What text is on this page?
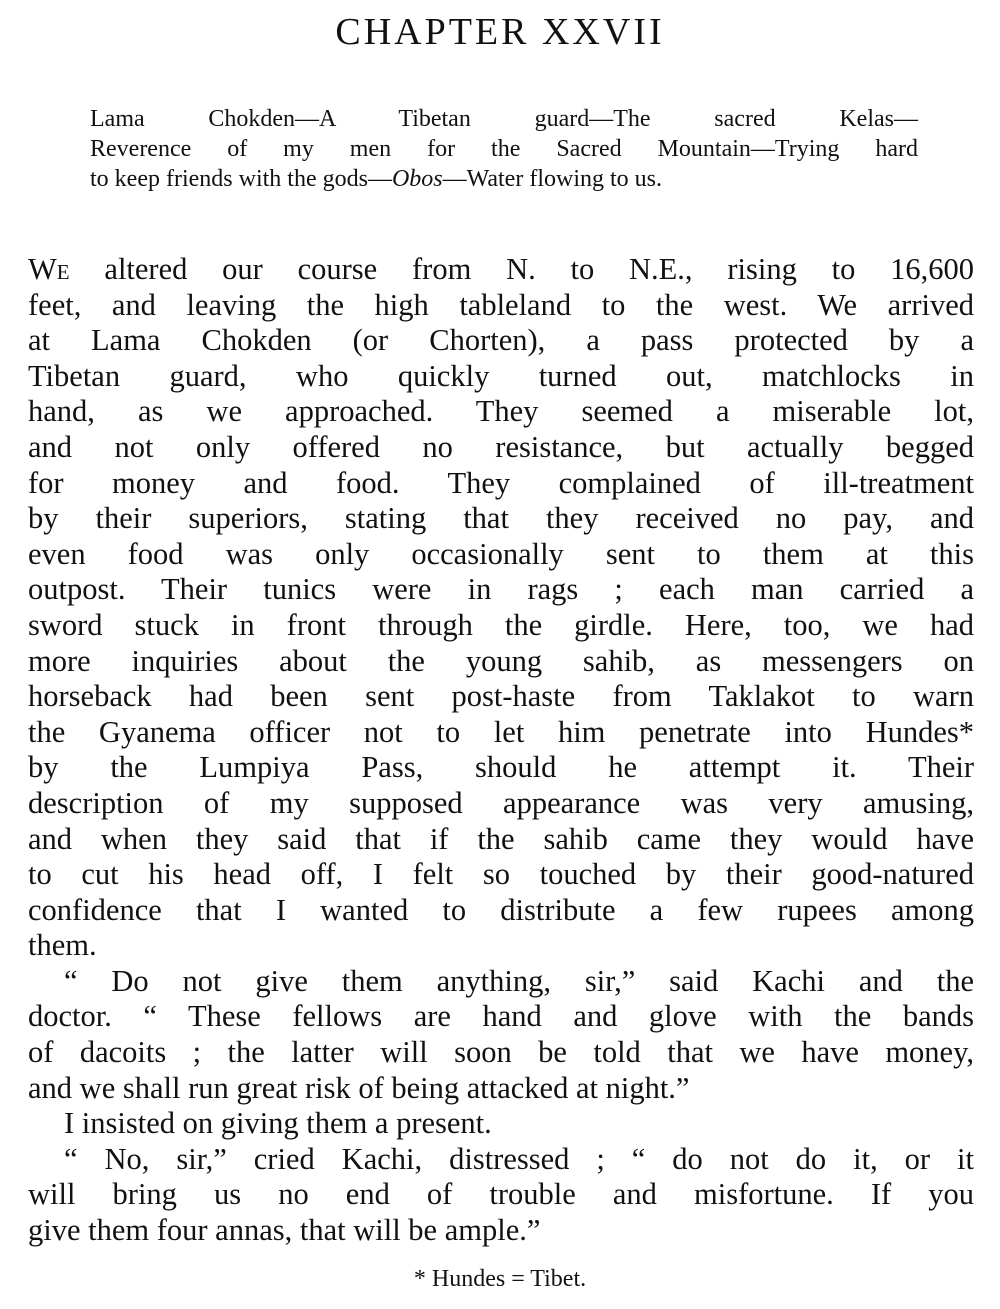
CHAPTER XXVII
Lama Chokden—A Tibetan guard—The sacred Kelas—
Reverence of my men for the Sacred Mountain—Trying hard
to keep friends with the gods—Obos—Water flowing to us.
We altered our course from N. to N.E., rising to 16,600
feet, and leaving the high tableland to the west. We arrived
at Lama Chokden (or Chorten), a pass protected by a
Tibetan guard, who quickly turned out, matchlocks in
hand, as we approached. They seemed a miserable lot,
and not only offered no resistance, but actually begged
for money and food. They complained of ill-treatment
by their superiors, stating that they received no pay, and
even food was only occasionally sent to them at this
outpost. Their tunics were in rags ; each man carried a
sword stuck in front through the girdle. Here, too, we had
more inquiries about the young sahib, as messengers on
horseback had been sent post-haste from Taklakot to warn
the Gyanema officer not to let him penetrate into Hundes*
by the Lumpiya Pass, should he attempt it. Their
description of my supposed appearance was very amusing,
and when they said that if the sahib came they would have
to cut his head off, I felt so touched by their good-natured
confidence that I wanted to distribute a few rupees among
them.
“ Do not give them anything, sir,” said Kachi and the
doctor. “ These fellows are hand and glove with the bands
of dacoits ; the latter will soon be told that we have money,
and we shall run great risk of being attacked at night.”
I insisted on giving them a present.
“ No, sir,” cried Kachi, distressed ; “ do not do it, or it
will bring us no end of trouble and misfortune. If you
give them four annas, that will be ample.”

* Hundes = Tibet.
